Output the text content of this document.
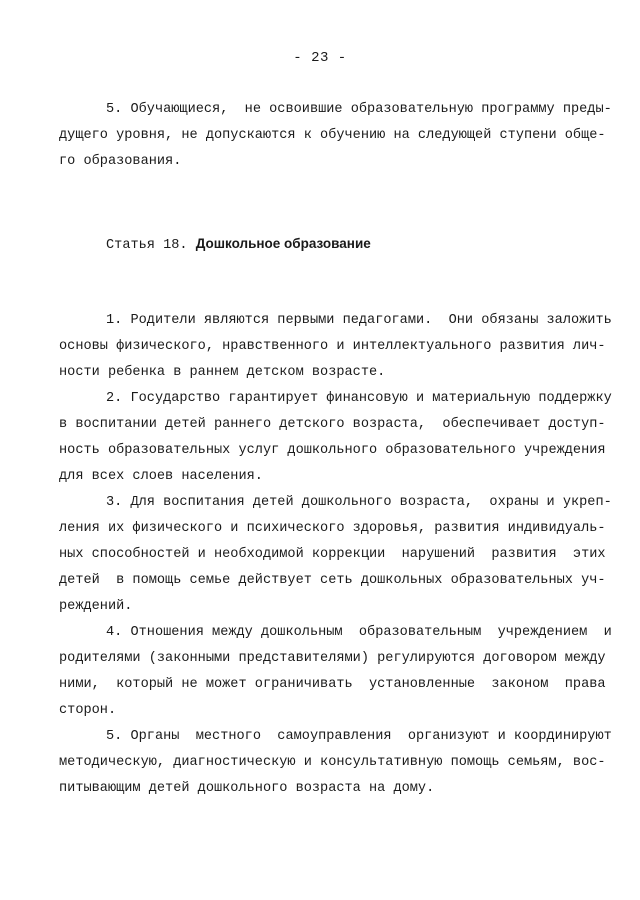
- 23 -
5. Обучающиеся,  не освоившие образовательную программу преды-
дущего уровня, не допускаются к обучению на следующей ступени обще-
го образования.
Статья 18. Дошкольное образование
1. Родители являются первыми педагогами.  Они обязаны заложить
основы физического, нравственного и интеллектуального развития лич-
ности ребенка в раннем детском возрасте.
2. Государство гарантирует финансовую и материальную поддержку
в воспитании детей раннего детского возраста,  обеспечивает доступ-
ность образовательных услуг дошкольного образовательного учреждения
для всех слоев населения.
3. Для воспитания детей дошкольного возраста,  охраны и укреп-
ления их физического и психического здоровья, развития индивидуаль-
ных способностей и необходимой коррекции  нарушений  развития  этих
детей  в помощь семье действует сеть дошкольных образовательных уч-
реждений.
4. Отношения между дошкольным  образовательным  учреждением  и
родителями (законными представителями) регулируются договором между
ними,  который не может ограничивать  установленные  законом  права
сторон.
5. Органы  местного  самоуправления  организуют и координируют
методическую, диагностическую и консультативную помощь семьям, вос-
питывающим детей дошкольного возраста на дому.
